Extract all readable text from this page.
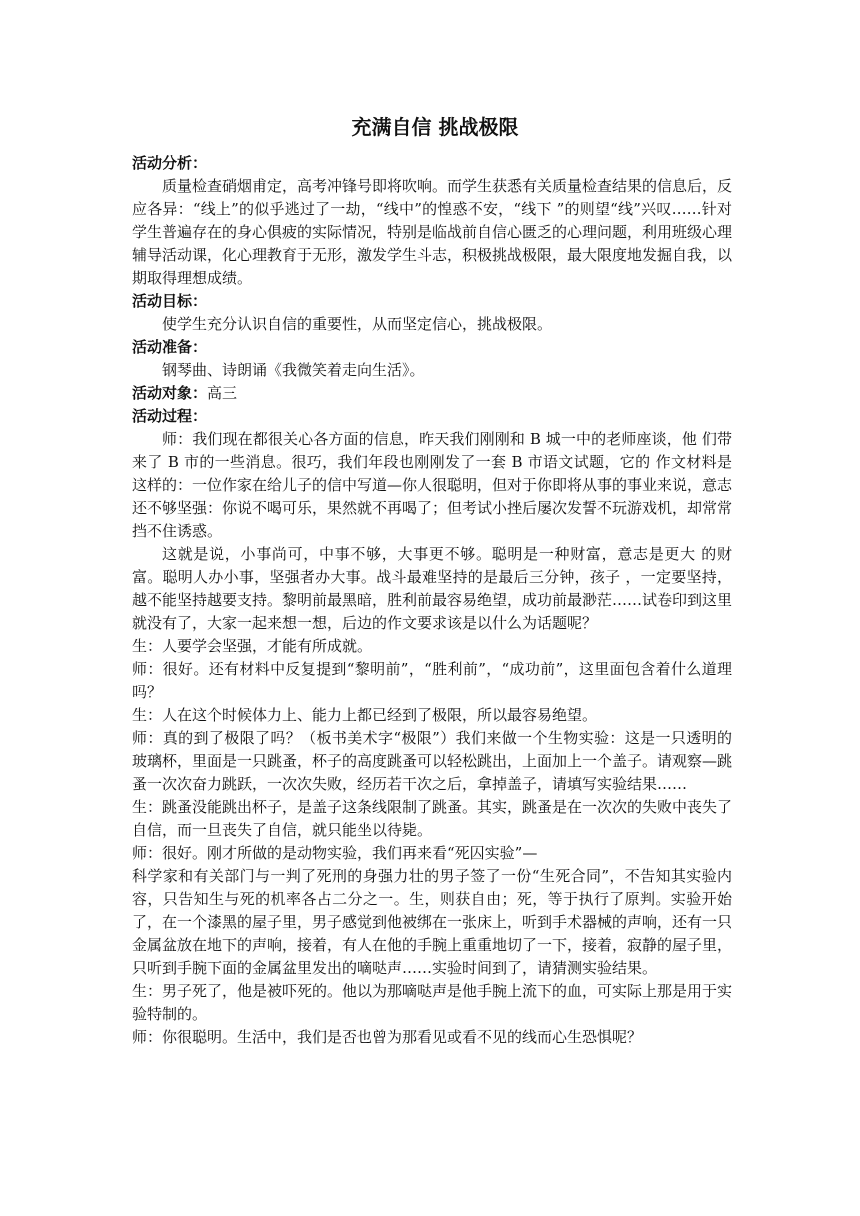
充满自信 挑战极限

活动分析：

质量检查硝烟甫定，高考冲锋号即将吹响。而学生获悉有关质量检查结果的信息后，反应各异：“线上”的似乎逃过了一劫，“线中”的惶惑不安，“线下 ”的则望“线”兴叹……针对学生普遍存在的身心俱疲的实际情况，特别是临战前自信心匮乏的心理问题，利用班级心理辅导活动课，化心理教育于无形，激发学生斗志，积极挑战极限，最大限度地发掘自我，以期取得理想成绩。

活动目标：

使学生充分认识自信的重要性，从而坚定信心，挑战极限。

活动准备：

钢琴曲、诗朗诵《我微笑着走向生活》。

活动对象：高三

活动过程：

师：我们现在都很关心各方面的信息，昨天我们刚刚和 B 城一中的老师座谈，他 们带来了 B 市的一些消息。很巧，我们年段也刚刚发了一套 B 市语文试题，它的 作文材料是这样的：一位作家在给儿子的信中写道—你人很聪明，但对于你即将从事的事业来说，意志还不够坚强：你说不喝可乐，果然就不再喝了；但考试小挫后屡次发誓不玩游戏机，却常常挡不住诱惑。

这就是说，小事尚可，中事不够，大事更不够。聪明是一种财富，意志是更大 的财富。聪明人办小事，坚强者办大事。战斗最难坚持的是最后三分钟，孩子 ，一定要坚持，越不能坚持越要支持。黎明前最黑暗，胜利前最容易绝望，成功前最渺茫……试卷印到这里就没有了，大家一起来想一想，后边的作文要求该是以什么为话题呢？

生：人要学会坚强，才能有所成就。

师：很好。还有材料中反复提到“黎明前”，“胜利前”，“成功前”，这里面包含着什么道理吗？

生：人在这个时候体力上、能力上都已经到了极限，所以最容易绝望。

师：真的到了极限了吗？（板书美术字“极限”）我们来做一个生物实验：这是一只透明的玻璃杯，里面是一只跳蚤，杯子的高度跳蚤可以轻松跳出，上面加上一个盖子。请观察—跳蚤一次次奋力跳跃，一次次失败，经历若干次之后，拿掉盖子，请填写实验结果……

生：跳蚤没能跳出杯子，是盖子这条线限制了跳蚤。其实，跳蚤是在一次次的失败中丧失了自信，而一旦丧失了自信，就只能坐以待毙。

师：很好。刚才所做的是动物实验，我们再来看“死囚实验”—

科学家和有关部门与一判了死刑的身强力壮的男子签了一份“生死合同”，不告知其实验内容，只告知生与死的机率各占二分之一。生，则获自由；死，等于执行了原判。实验开始了，在一个漆黑的屋子里，男子感觉到他被绑在一张床上，听到手术器械的声响，还有一只金属盆放在地下的声响，接着，有人在他的手腕上重重地切了一下，接着，寂静的屋子里，只听到手腕下面的金属盆里发出的嘀哒声……实验时间到了，请猜测实验结果。

生：男子死了，他是被吓死的。他以为那嘀哒声是他手腕上流下的血，可实际上那是用于实验特制的。

师：你很聪明。生活中，我们是否也曾为那看见或看不见的线而心生恐惧呢？
